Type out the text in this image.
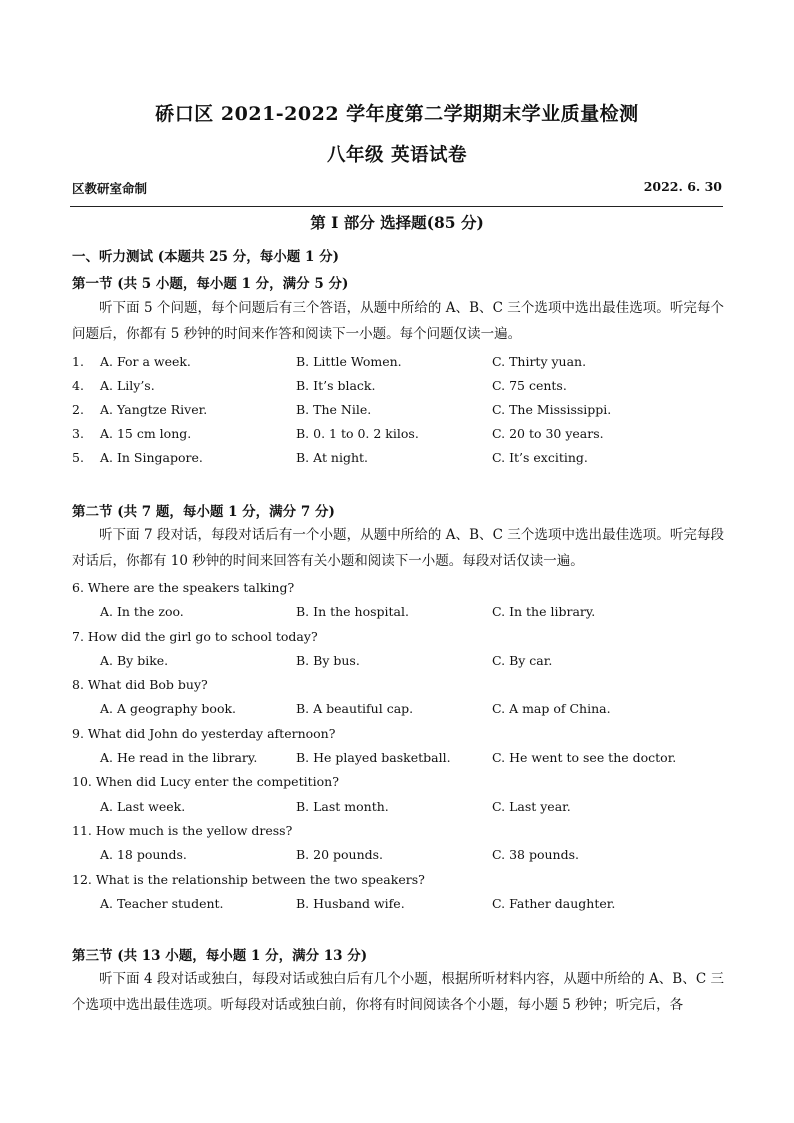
硚口区 2021-2022 学年度第二学期期末学业质量检测
八年级 英语试卷
区教研室命制	2022. 6. 30
第 I 部分 选择题(85 分)
一、听力测试 (本题共 25 分，每小题 1 分)
第一节 (共 5 小题，每小题 1 分，满分 5 分)

听下面 5 个问题，每个问题后有三个答语，从题中所给的 A、B、C 三个选项中选出最佳选项。听完每个问题后，你都有 5 秒钟的时间来作答和阅读下一小题。每个问题仅读一遍。

1. A. For a week.	B. Little Women.	C. Thirty yuan.
4. A. Lily’s.	B. It’s black.	C. 75 cents.
2. A. Yangtze River.	B. The Nile.	C. The Mississippi.
3. A. 15 cm long.	B. 0. 1 to 0. 2 kilos.	C. 20 to 30 years.
5. A. In Singapore.	B. At night.	C. It’s exciting.
第二节 (共 7 题，每小题 1 分，满分 7 分)

听下面 7 段对话，每段对话后有一个小题，从题中所给的 A、B、C 三个选项中选出最佳选项。听完每段对话后，你都有 10 秒钟的时间来回答有关小题和阅读下一小题。每段对话仅读一遍。

6. Where are the speakers talking?
A. In the zoo.	B. In the hospital.	C. In the library.
7. How did the girl go to school today?
A. By bike.	B. By bus.	C. By car.
8. What did Bob buy?
A. A geography book.	B. A beautiful cap.	C. A map of China.
9. What did John do yesterday afternoon?
A. He read in the library.	B. He played basketball.	C. He went to see the doctor.
10. When did Lucy enter the competition?
A. Last week.	B. Last month.	C. Last year.
11. How much is the yellow dress?
A. 18 pounds.	B. 20 pounds.	C. 38 pounds.
12. What is the relationship between the two speakers?
A. Teacher student.	B. Husband wife.	C. Father daughter.
第三节 (共 13 小题，每小题 1 分，满分 13 分)

听下面 4 段对话或独白，每段对话或独白后有几个小题，根据所听材料内容，从题中所给的 A、B、C 三个选项中选出最佳选项。听每段对话或独白前，你将有时间阅读各个小题，每小题 5 秒钟；听完后，各
